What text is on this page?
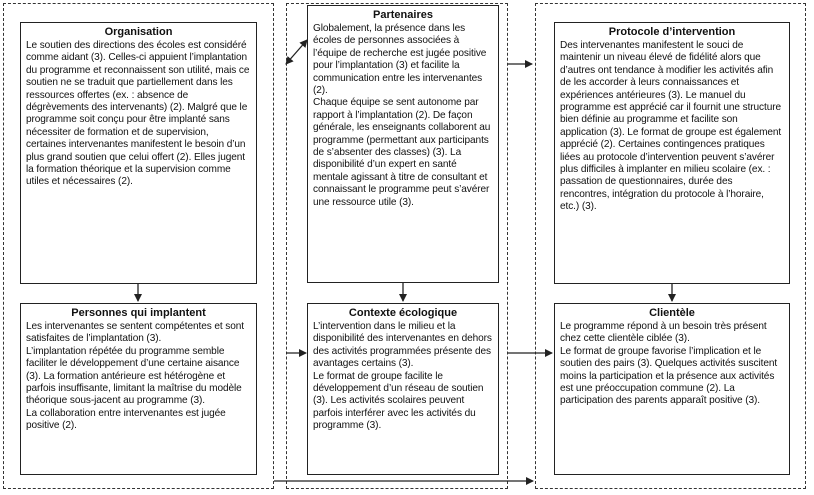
Organisation

Le soutien des directions des écoles est considéré comme aidant (3). Celles-ci appuient l’implantation du programme et reconnaissent son utilité, mais ce soutien ne se traduit que partiellement dans les ressources offertes (ex. : absence de dégrèvements des intervenants) (2). Malgré que le programme soit conçu pour être implanté sans nécessiter de formation et de supervision, certaines intervenantes manifestent le besoin d’un plus grand soutien que celui offert (2). Elles jugent la formation théorique et la supervision comme utiles et nécessaires (2).

Partenaires

Globalement, la présence dans les écoles de personnes associées à l’équipe de recherche est jugée positive pour l’implantation (3) et facilite la communication entre les intervenantes (2).

Chaque équipe se sent autonome par rapport à l’implantation (2). De façon générale, les enseignants collaborent au programme (permettant aux participants de s’absenter des classes) (3). La disponibilité d’un expert en santé mentale agissant à titre de consultant et connaissant le programme peut s’avérer une ressource utile (3).

Protocole d’intervention

Des intervenantes manifestent le souci de maintenir un niveau élevé de fidélité alors que d’autres ont tendance à modifier les activités afin de les accorder à leurs connaissances et expériences antérieures (3). Le manuel du programme est apprécié car il fournit une structure bien définie au programme et facilite son application (3). Le format de groupe est également apprécié (2). Certaines contingences pratiques liées au protocole d’intervention peuvent s’avérer plus difficiles à implanter en milieu scolaire (ex. : passation de questionnaires, durée des rencontres, intégration du protocole à l’horaire, etc.) (3).

Personnes qui implantent

Les intervenantes se sentent compétentes et sont satisfaites de l’implantation (3).

L’implantation répétée du programme semble faciliter le développement d’une certaine aisance (3). La formation antérieure est hétérogène et parfois insuffisante, limitant la maîtrise du modèle théorique sous-jacent au programme (3).

La collaboration entre intervenantes est jugée positive (2).

Contexte écologique

L’intervention dans le milieu et la disponibilité des intervenantes en dehors des activités programmées présente des avantages certains (3).

Le format de groupe facilite le développement d’un réseau de soutien (3). Les activités scolaires peuvent parfois interférer avec les activités du programme (3).

Clientèle

Le programme répond à un besoin très présent chez cette clientèle ciblée (3).

Le format de groupe favorise l’implication et le soutien des pairs (3). Quelques activités suscitent moins la participation et la présence aux activités est une préoccupation commune (2). La participation des parents apparaît positive (3).
